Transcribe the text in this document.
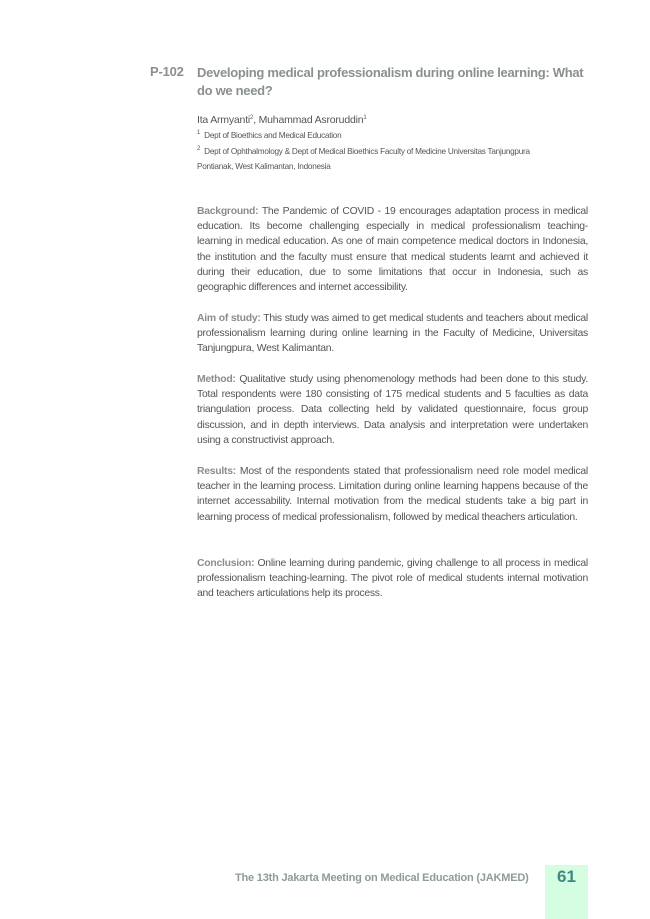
P-102 Developing medical professionalism during online learning: What do we need?
Ita Armyanti$^2$, Muhammad Asroruddin$^1$
$^1$ Dept of Bioethics and Medical Education
$^2$ Dept of Ophthalmology & Dept of Medical Bioethics Faculty of Medicine Universitas Tanjungpura
Pontianak, West Kalimantan, Indonesia
Background: The Pandemic of COVID - 19 encourages adaptation process in medical education. Its become challenging especially in medical professionalism teaching- learning in medical education. As one of main competence medical doctors in Indonesia, the institution and the faculty must ensure that medical students learnt and achieved it during their education, due to some limitations that occur in Indonesia, such as geographic differences and internet accessibility.
Aim of study: This study was aimed to get medical students and teachers about medical professionalism learning during online learning in the Faculty of Medicine, Universitas Tanjungpura, West Kalimantan.
Method: Qualitative study using phenomenology methods had been done to this study. Total respondents were 180 consisting of 175 medical students and 5 faculties as data triangulation process. Data collecting held by validated questionnaire, focus group discussion, and in depth interviews. Data analysis and interpretation were undertaken using a constructivist approach.
Results: Most of the respondents stated that professionalism need role model medical teacher in the learning process. Limitation during online learning happens because of the internet accessability. Internal motivation from the medical students take a big part in learning process of medical professionalism, followed by medical theachers articulation.
Conclusion: Online learning during pandemic, giving challenge to all process in medical professionalism teaching-learning. The pivot role of medical students internal motivation and teachers articulations help its process.
The 13th Jakarta Meeting on Medical Education (JAKMED)	61
